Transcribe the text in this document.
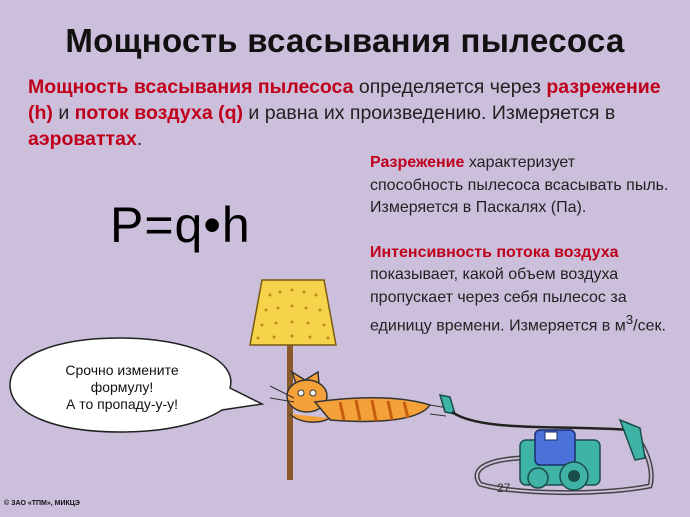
Мощность всасывания пылесоса
Мощность всасывания пылесоса определяется через разрежение (h) и поток воздуха (q) и равна их произведению. Измеряется в аэроваттах.
P=q•h

Разрежение характеризует способность пылесоса всасывать пыль. Измеряется в Паскалях (Па).

Интенсивность потока воздуха показывает, какой объем воздуха пропускает через себя пылесос за единицу времени. Измеряется в $м^3$/сек.

Срочно измените
формулу!
А то пропаду-у-у!
27
© ЗАО «ТПМ», МИКЦЭ
